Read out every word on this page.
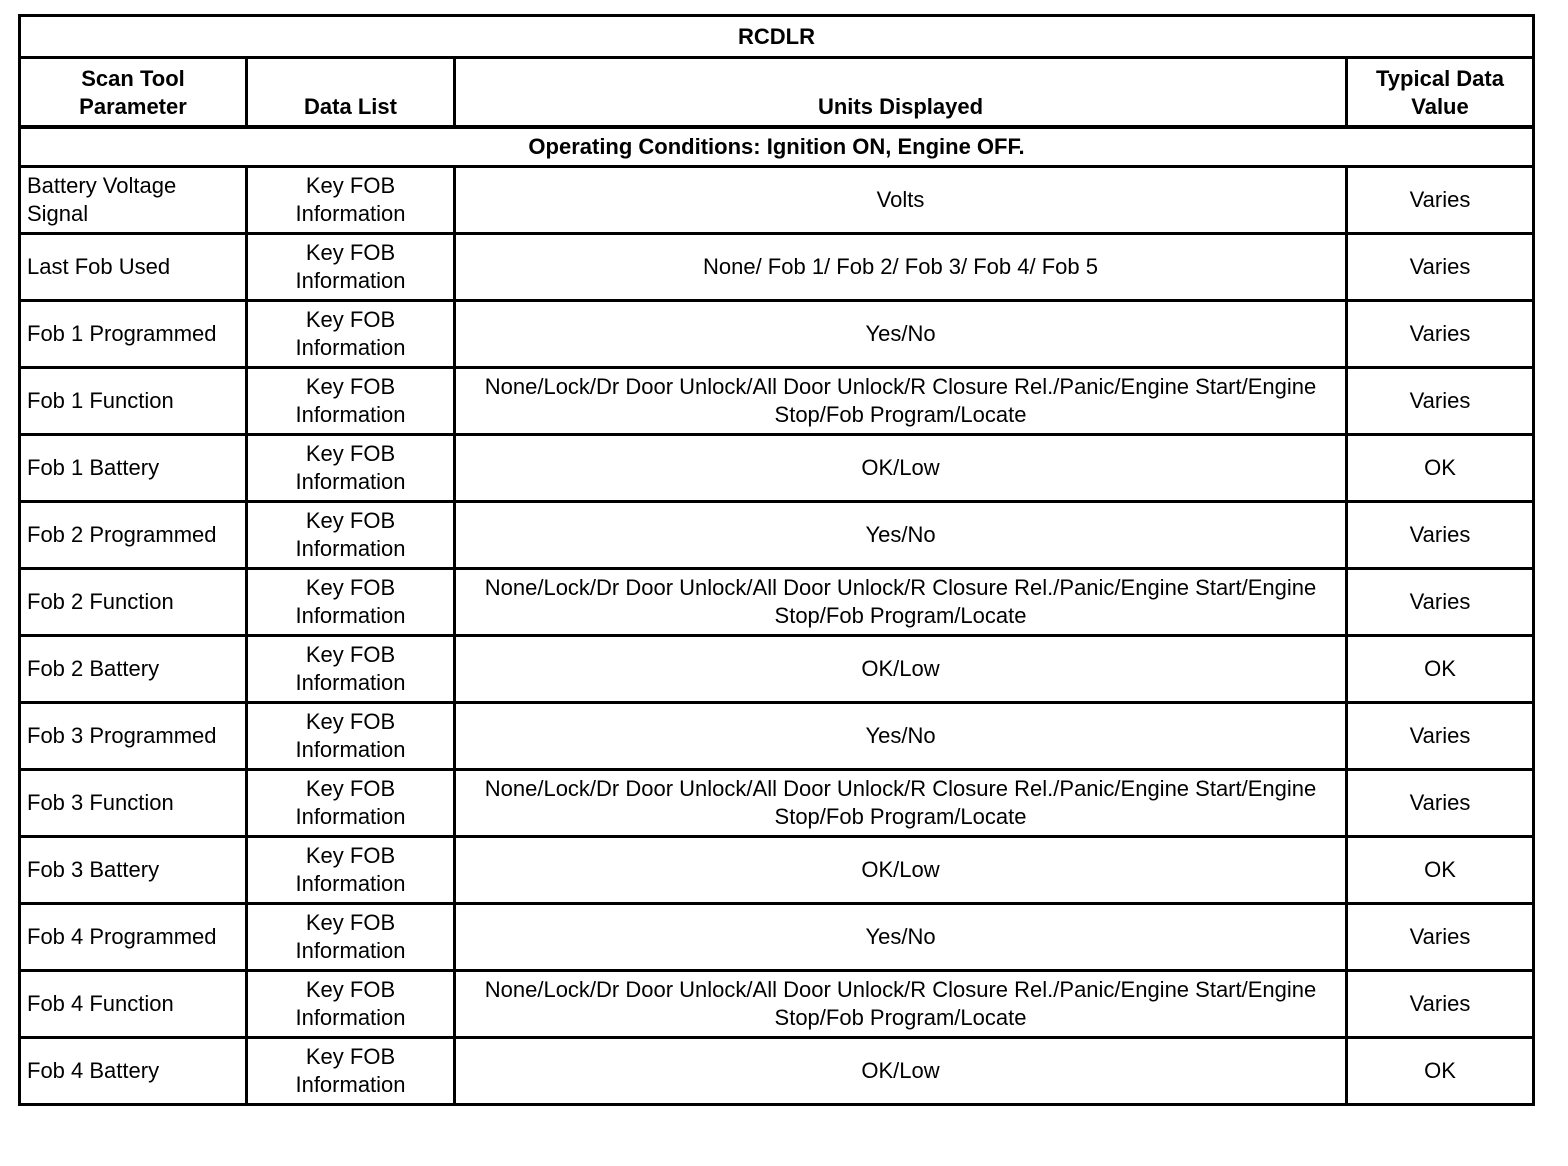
RCDLR			
Scan Tool Parameter	Data List	Units Displayed	Typical Data Value
Operating Conditions: Ignition ON, Engine OFF.			
Battery Voltage Signal	Key FOB Information	Volts	Varies
Last Fob Used	Key FOB Information	None/ Fob 1/ Fob 2/ Fob 3/ Fob 4/ Fob 5	Varies
Fob 1 Programmed	Key FOB Information	Yes/No	Varies
Fob 1 Function	Key FOB Information	None/Lock/Dr Door Unlock/All Door Unlock/R Closure Rel./Panic/Engine Start/Engine Stop/Fob Program/Locate	Varies
Fob 1 Battery	Key FOB Information	OK/Low	OK
Fob 2 Programmed	Key FOB Information	Yes/No	Varies
Fob 2 Function	Key FOB Information	None/Lock/Dr Door Unlock/All Door Unlock/R Closure Rel./Panic/Engine Start/Engine Stop/Fob Program/Locate	Varies
Fob 2 Battery	Key FOB Information	OK/Low	OK
Fob 3 Programmed	Key FOB Information	Yes/No	Varies
Fob 3 Function	Key FOB Information	None/Lock/Dr Door Unlock/All Door Unlock/R Closure Rel./Panic/Engine Start/Engine Stop/Fob Program/Locate	Varies
Fob 3 Battery	Key FOB Information	OK/Low	OK
Fob 4 Programmed	Key FOB Information	Yes/No	Varies
Fob 4 Function	Key FOB Information	None/Lock/Dr Door Unlock/All Door Unlock/R Closure Rel./Panic/Engine Start/Engine Stop/Fob Program/Locate	Varies
Fob 4 Battery	Key FOB Information	OK/Low	OK
